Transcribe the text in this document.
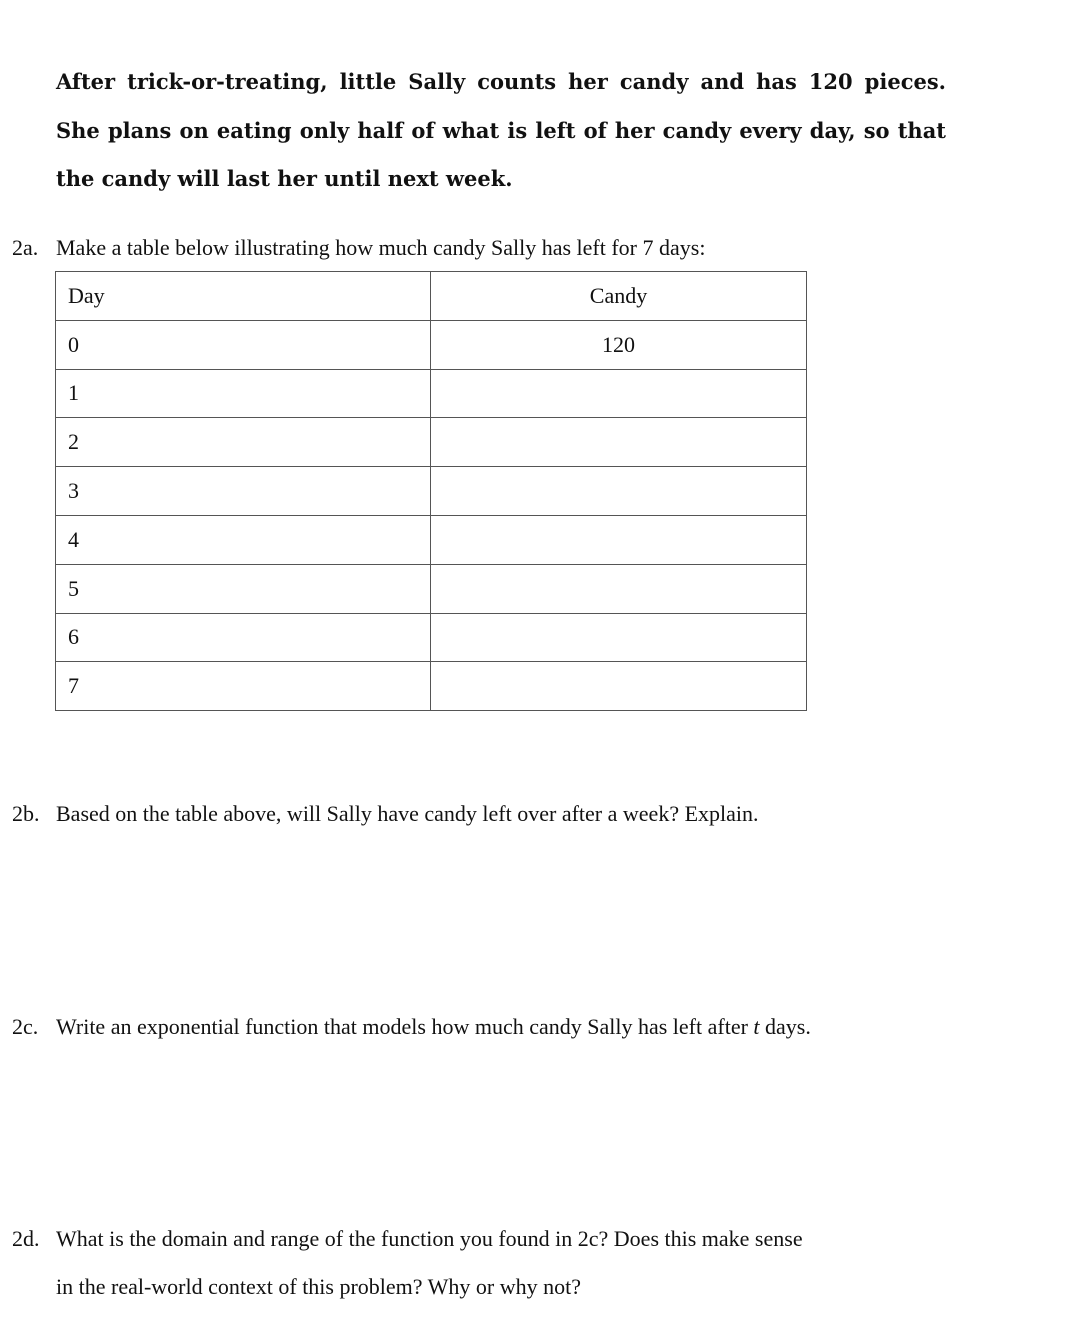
After trick-or-treating, little Sally counts her candy and has 120 pieces. She plans on eating only half of what is left of her candy every day, so that the candy will last her until next week.
2a. Make a table below illustrating how much candy Sally has left for 7 days:
Day	Candy
0	120
1	
2	
3	
4	
5	
6	
7	
2b. Based on the table above, will Sally have candy left over after a week? Explain.
2c. Write an exponential function that models how much candy Sally has left after t days.
2d. What is the domain and range of the function you found in 2c? Does this make sense
in the real-world context of this problem? Why or why not?
